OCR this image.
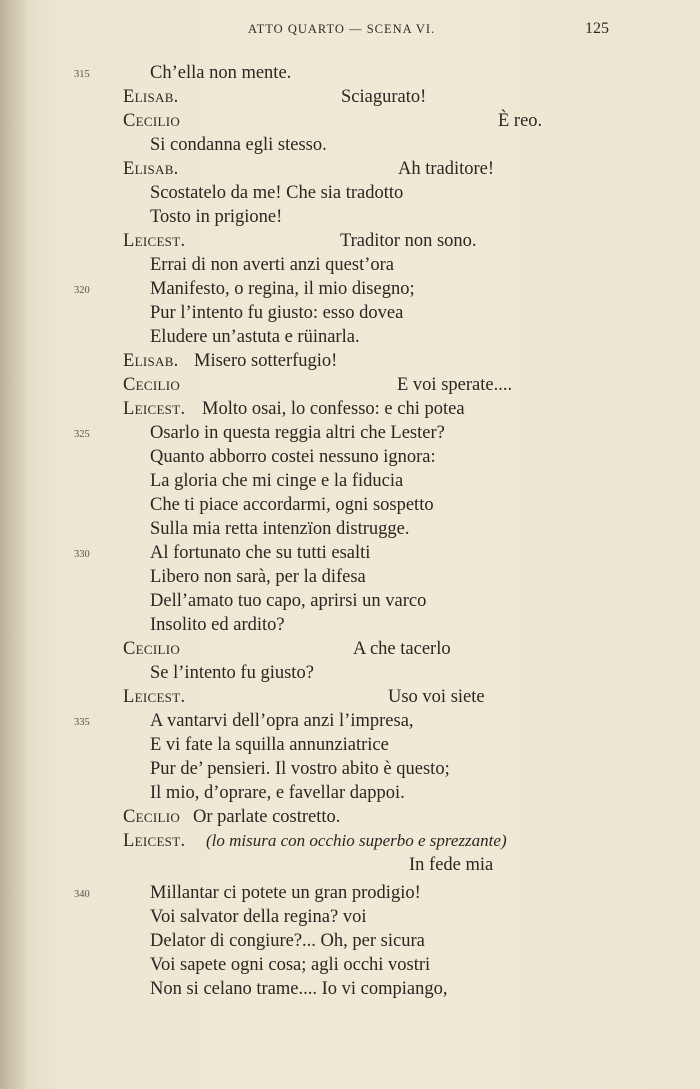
ATTO QUARTO — SCENA VI.	125
315	Ch’ella non mente.
Elisab.	Sciagurato!
Cecilio	È reo.
Si condanna egli stesso.
Elisab.	Ah traditore!
Scostatelo da me! Che sia tradotto
Tosto in prigione!
Leicest.	Traditor non sono.
Errai di non averti anzi quest’ora
320	Manifesto, o regina, il mio disegno;
Pur l’intento fu giusto: esso dovea
Eludere un’astuta e rüinarla.
Elisab. Misero sotterfugio!
Cecilio	E voi sperate....
Leicest. Molto osai, lo confesso: e chi potea
325	Osarlo in questa reggia altri che Lester?
Quanto abborro costei nessuno ignora:
La gloria che mi cinge e la fiducia
Che ti piace accordarmi, ogni sospetto
Sulla mia retta intenzïon distrugge.
330	Al fortunato che su tutti esalti
Libero non sarà, per la difesa
Dell’amato tuo capo, aprirsi un varco
Insolito ed ardito?
Cecilio	A che tacerlo
Se l’intento fu giusto?
Leicest.	Uso voi siete
335	A vantarvi dell’opra anzi l’impresa,
E vi fate la squilla annunziatrice
Pur de’ pensieri. Il vostro abito è questo;
Il mio, d’oprare, e favellar dappoi.
Cecilio Or parlate costretto.
Leicest. (lo misura con occhio superbo e sprezzante)
In fede mia
340	Millantar ci potete un gran prodigio!
Voi salvator della regina? voi
Delator di congiure?... Oh, per sicura
Voi sapete ogni cosa; agli occhi vostri
Non si celano trame.... Io vi compiango,
